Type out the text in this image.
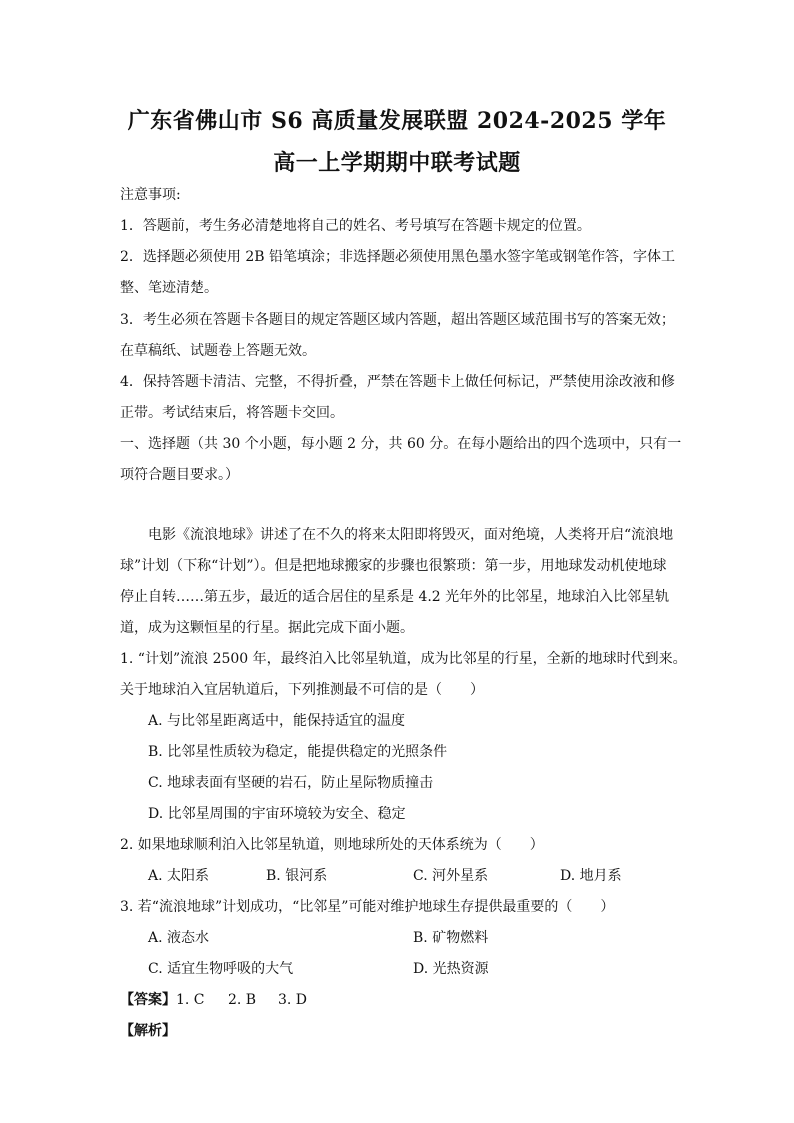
广东省佛山市 S6 高质量发展联盟 2024-2025 学年
高一上学期期中联考试题
注意事项:
1．答题前，考生务必清楚地将自己的姓名、考号填写在答题卡规定的位置。
2．选择题必须使用 2B 铅笔填涂；非选择题必须使用黑色墨水签字笔或钢笔作答，字体工
整、笔迹清楚。
3．考生必须在答题卡各题目的规定答题区域内答题，超出答题区域范围书写的答案无效；
在草稿纸、试题卷上答题无效。
4．保持答题卡清洁、完整，不得折叠，严禁在答题卡上做任何标记，严禁使用涂改液和修
正带。考试结束后，将答题卡交回。
一、选择题（共 30 个小题，每小题 2 分，共 60 分。在每小题给出的四个选项中，只有一
项符合题目要求。）
电影《流浪地球》讲述了在不久的将来太阳即将毁灭，面对绝境，人类将开启“流浪地
球”计划（下称“计划”）。但是把地球搬家的步骤也很繁琐：第一步，用地球发动机使地球
停止自转……第五步，最近的适合居住的星系是 4.2 光年外的比邻星，地球泊入比邻星轨
道，成为这颗恒星的行星。据此完成下面小题。
1. “计划”流浪 2500 年，最终泊入比邻星轨道，成为比邻星的行星，全新的地球时代到来。
关于地球泊入宜居轨道后，下列推测最不可信的是（　　）
A. 与比邻星距离适中，能保持适宜的温度
B. 比邻星性质较为稳定，能提供稳定的光照条件
C. 地球表面有坚硬的岩石，防止星际物质撞击
D. 比邻星周围的宇宙环境较为安全、稳定
2. 如果地球顺利泊入比邻星轨道，则地球所处的天体系统为（　　）
A. 太阳系	B. 银河系	C. 河外星系	D. 地月系
3. 若“流浪地球”计划成功，“比邻星”可能对维护地球生存提供最重要的（　　）
A. 液态水	B. 矿物燃料
C. 适宜生物呼吸的大气	D. 光热资源
【答案】 1. C 2. B 3. D
【解析】
